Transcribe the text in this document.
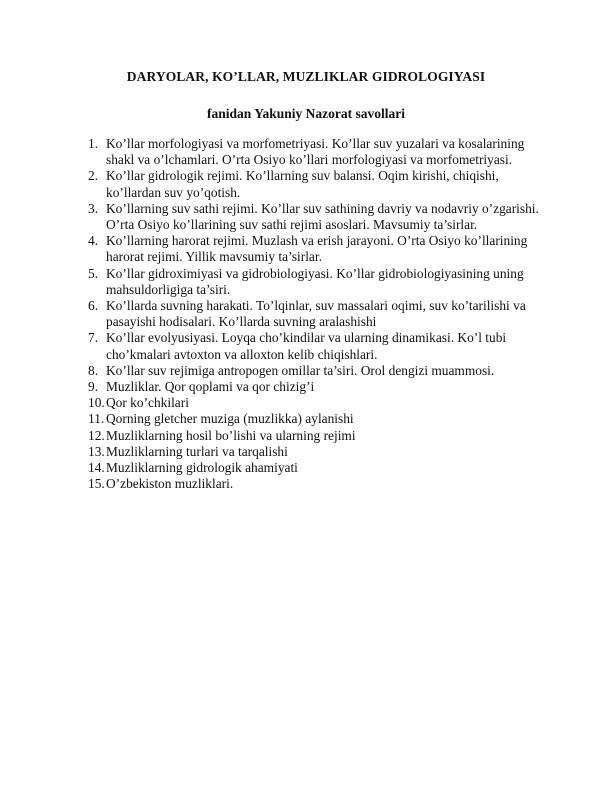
DARYOLAR, KO’LLAR, MUZLIKLAR GIDROLOGIYASI
fanidan Yakuniy Nazorat savollari
1. Ko’llar morfologiyasi va morfometriyasi. Ko’llar suv yuzalari va kosalarining shakl va o’lchamlari. O’rta Osiyo ko’llari morfologiyasi va morfometriyasi.
2. Ko’llar gidrologik rejimi. Ko’llarning suv balansi. Oqim kirishi, chiqishi, ko’llardan suv yo’qotish.
3. Ko’llarning suv sathi rejimi. Ko’llar suv sathining davriy va nodavriy o’zgarishi. O’rta Osiyo ko’llarining suv sathi rejimi asoslari. Mavsumiy ta’sirlar.
4. Ko’llarning harorat rejimi. Muzlash va erish jarayoni. O’rta Osiyo ko’llarining harorat rejimi. Yillik mavsumiy ta’sirlar.
5. Ko’llar gidroximiyasi va gidrobiologiyasi. Ko’llar gidrobiologiyasining uning mahsuldorligiga ta’siri.
6. Ko’llarda suvning harakati. To’lqinlar, suv massalari oqimi, suv ko’tarilishi va pasayishi hodisalari. Ko’llarda suvning aralashishi
7. Ko’llar evolyusiyasi. Loyqa cho’kindilar va ularning dinamikasi. Ko’l tubi cho’kmalari avtoxton va alloxton kelib chiqishlari.
8. Ko’llar suv rejimiga antropogen omillar ta’siri. Orol dengizi muammosi.
9. Muzliklar. Qor qoplami va qor chizig’i
10. Qor ko’chkilari
11. Qorning gletcher muziga (muzlikka) aylanishi
12. Muzliklarning hosil bo’lishi va ularning rejimi
13. Muzliklarning turlari va tarqalishi
14. Muzliklarning gidrologik ahamiyati
15. O’zbekiston muzliklari.
